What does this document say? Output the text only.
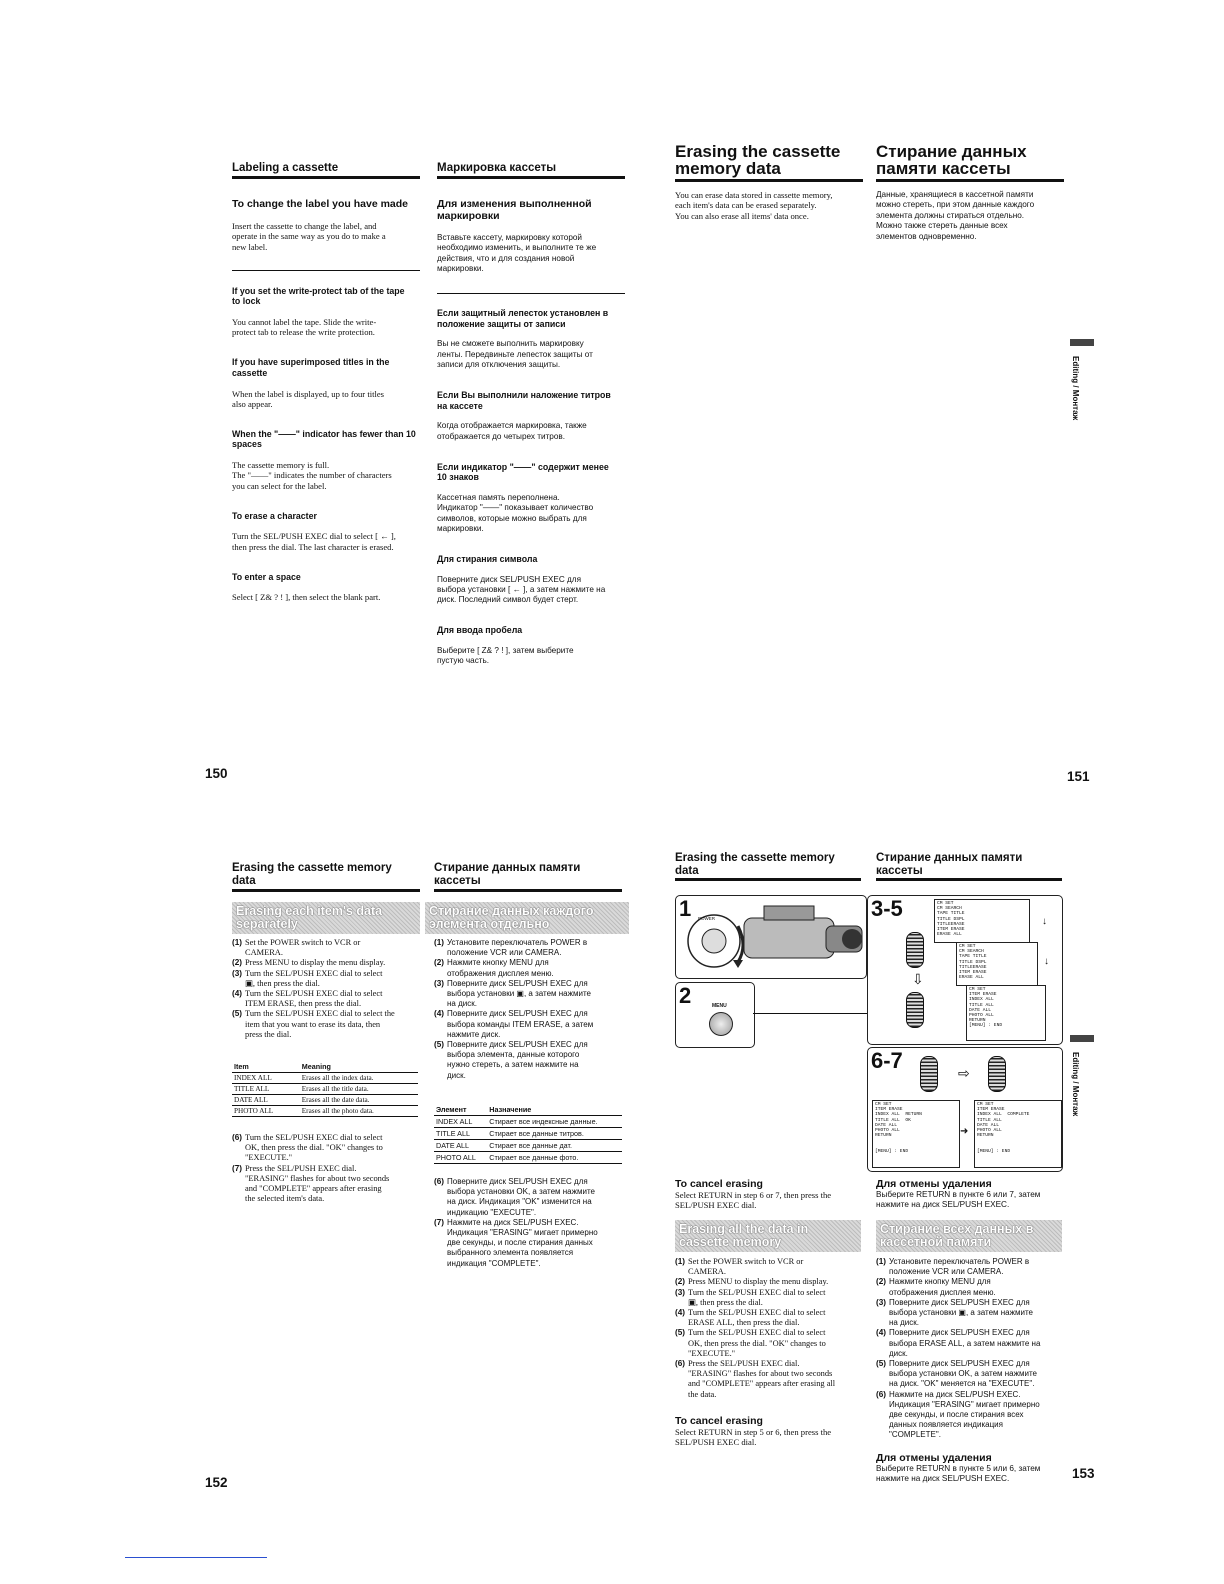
Labeling a cassette	Маркировка кассеты

To change the label you have made

Insert the cassette to change the label, and
operate in the same way as you do to make a
new label.

If you set the write-protect tab of the tape
to lock

You cannot label the tape. Slide the write-
protect tab to release the write protection.

If you have superimposed titles in the
cassette

When the label is displayed, up to four titles
also appear.

When the "——" indicator has fewer than 10
spaces

The cassette memory is full.
The "——" indicates the number of characters
you can select for the label.

To erase a character

Turn the SEL/PUSH EXEC dial to select [ ← ],
then press the dial. The last character is erased.

To enter a space

Select [ Z& ? ! ], then select the blank part.

Для изменения выполненной
маркировки

Вставьте кассету, маркировку которой
необходимо изменить, и выполните те же
действия, что и для создания новой
маркировки.

Если защитный лепесток установлен в
положение защиты от записи

Вы не сможете выполнить маркировку
ленты. Передвиньте лепесток защиты от
записи для отключения защиты.

Если Вы выполнили наложение титров
на кассете

Когда отображается маркировка, также
отображается до четырех титров.

Если индикатор "——" содержит менее
10 знаков

Кассетная память переполнена.
Индикатор "——" показывает количество
символов, которые можно выбрать для
маркировки.

Для стирания символа

Поверните диск SEL/PUSH EXEC для
выбора установки [ ← ], а затем нажмите на
диск. Последний символ будет стерт.

Для ввода пробела

Выберите [ Z& ? ! ], затем выберите
пустую часть.

150
Erasing the cassette
memory data
Стирание данных
памяти кассеты
You can erase data stored in cassette memory,
each item's data can be erased separately.
You can also erase all items' data once.
Данные, хранящиеся в кассетной памяти
можно стереть, при этом данные каждого
элемента должны стираться отдельно.
Можно также стереть данные всех
элементов одновременно.
Editing / Монтаж
151
Erasing the cassette memory
data
Стирание данных памяти
кассеты
Erasing each item's data
separately
Стирание данных каждого
элемента отдельно
(1) Set the POWER switch to VCR or
CAMERA.
(2) Press MENU to display the menu display.
(3) Turn the SEL/PUSH EXEC dial to select
▣, then press the dial.
(4) Turn the SEL/PUSH EXEC dial to select
ITEM ERASE, then press the dial.
(5) Turn the SEL/PUSH EXEC dial to select the
item that you want to erase its data, then
press the dial.
Item	Meaning
INDEX ALL	Erases all the index data.
TITLE ALL	Erases all the title data.
DATE ALL	Erases all the date data.
PHOTO ALL	Erases all the photo data.
(6) Turn the SEL/PUSH EXEC dial to select
OK, then press the dial. "OK" changes to
"EXECUTE."
(7) Press the SEL/PUSH EXEC dial.
"ERASING" flashes for about two seconds
and "COMPLETE" appears after erasing
the selected item's data.
(1) Установите переключатель POWER в
положение VCR или CAMERA.
(2) Нажмите кнопку MENU для
отображения дисплея меню.
(3) Поверните диск SEL/PUSH EXEC для
выбора установки ▣, а затем нажмите
на диск.
(4) Поверните диск SEL/PUSH EXEC для
выбора команды ITEM ERASE, а затем
нажмите диск.
(5) Поверните диск SEL/PUSH EXEC для
выбора элемента, данные которого
нужно стереть, а затем нажмите на
диск.
Элемент	Назначение
INDEX ALL	Стирает все индексные данные.
TITLE ALL	Стирает все данные титров.
DATE ALL	Стирает все данные дат.
PHOTO ALL	Стирает все данные фото.
(6) Поверните диск SEL/PUSH EXEC для
выбора установки OK, а затем нажмите
на диск. Индикация "OK" изменится на
индикацию "EXECUTE".
(7) Нажмите на диск SEL/PUSH EXEC.
Индикация "ERASING" мигает примерно
две секунды, и после стирания данных
выбранного элемента появляется
индикация "COMPLETE".
152
Erasing the cassette memory
data
Стирание данных памяти
кассеты
1 POWER
2	MENU
3-5
⇩
CM SET
CM SEARCH
TAPE TITLE
TITLE DSPL
TITLEERASE
ITEM ERASE
ERASE ALL
CM SET
CM SEARCH
TAPE TITLE
TITLE DSPL
TITLEERASE
ITEM ERASE
ERASE ALL
CM SET
ITEM ERASE
INDEX ALL
TITLE ALL
DATE ALL
PHOTO ALL
RETURN
[MENU] : END
↓
↓
6-7
⇨
CM SET
ITEM ERASE
INDEX ALL  RETURN
TITLE ALL  OK
DATE ALL
PHOTO ALL
RETURN

[MENU] : END
➜
CM SET
ITEM ERASE
INDEX ALL  COMPLETE
TITLE ALL
DATE ALL
PHOTO ALL
RETURN

[MENU] : END
To cancel erasing
Select RETURN in step 6 or 7, then press the
SEL/PUSH EXEC dial.
Для отмены удаления
Выберите RETURN в пункте 6 или 7, затем
нажмите на диск SEL/PUSH EXEC.
Erasing all the data in
cassette memory
Стирание всех данных в
кассетной памяти
(1) Set the POWER switch to VCR or
CAMERA.
(2) Press MENU to display the menu display.
(3) Turn the SEL/PUSH EXEC dial to select
▣, then press the dial.
(4) Turn the SEL/PUSH EXEC dial to select
ERASE ALL, then press the dial.
(5) Turn the SEL/PUSH EXEC dial to select
OK, then press the dial. "OK" changes to
"EXECUTE."
(6) Press the SEL/PUSH EXEC dial.
"ERASING" flashes for about two seconds
and "COMPLETE" appears after erasing all
the data.
To cancel erasing
Select RETURN in step 5 or 6, then press the
SEL/PUSH EXEC dial.
(1) Установите переключатель POWER в
положение VCR или CAMERA.
(2) Нажмите кнопку MENU для
отображения дисплея меню.
(3) Поверните диск SEL/PUSH EXEC для
выбора установки ▣, а затем нажмите
на диск.
(4) Поверните диск SEL/PUSH EXEC для
выбора ERASE ALL, а затем нажмите на
диск.
(5) Поверните диск SEL/PUSH EXEC для
выбора установки OK, а затем нажмите
на диск. "OK" меняется на "EXECUTE".
(6) Нажмите на диск SEL/PUSH EXEC.
Индикация "ERASING" мигает примерно
две секунды, и после стирания всех
данных появляется индикация
"COMPLETE".
Для отмены удаления
Выберите RETURN в пункте 5 или 6, затем
нажмите на диск SEL/PUSH EXEC.
Editing / Монтаж
153
